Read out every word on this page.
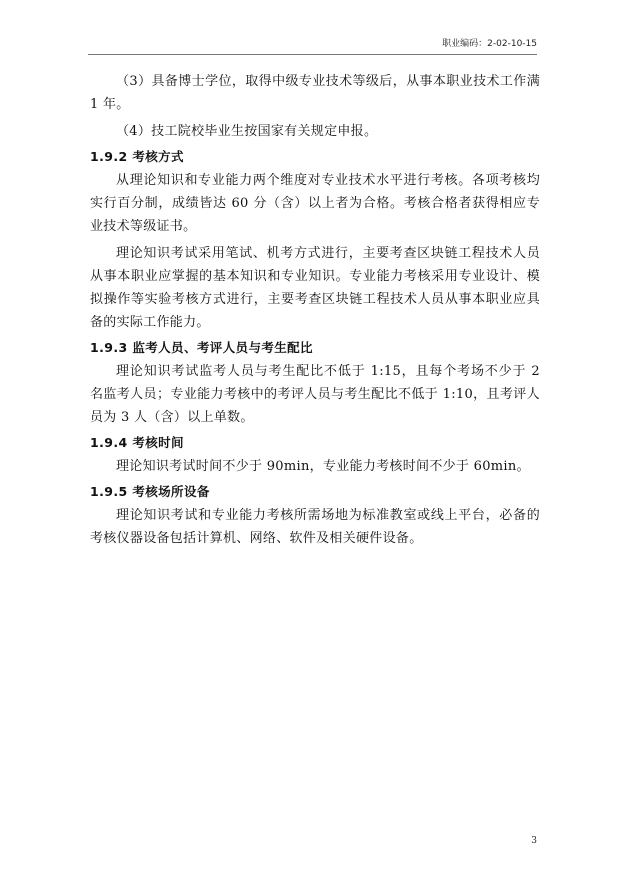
职业编码：2-02-10-15

（3）具备博士学位，取得中级专业技术等级后，从事本职业技术工作满 1 年。

（4）技工院校毕业生按国家有关规定申报。

1.9.2 考核方式

从理论知识和专业能力两个维度对专业技术水平进行考核。各项考核均实行百分制，成绩皆达 60 分（含）以上者为合格。考核合格者获得相应专业技术等级证书。

理论知识考试采用笔试、机考方式进行，主要考查区块链工程技术人员从事本职业应掌握的基本知识和专业知识。专业能力考核采用专业设计、模拟操作等实验考核方式进行，主要考查区块链工程技术人员从事本职业应具备的实际工作能力。

1.9.3 监考人员、考评人员与考生配比

理论知识考试监考人员与考生配比不低于 1:15，且每个考场不少于 2 名监考人员；专业能力考核中的考评人员与考生配比不低于 1:10，且考评人员为 3 人（含）以上单数。

1.9.4 考核时间

理论知识考试时间不少于 90min，专业能力考核时间不少于 60min。

1.9.5 考核场所设备

理论知识考试和专业能力考核所需场地为标准教室或线上平台，必备的考核仪器设备包括计算机、网络、软件及相关硬件设备。

3
